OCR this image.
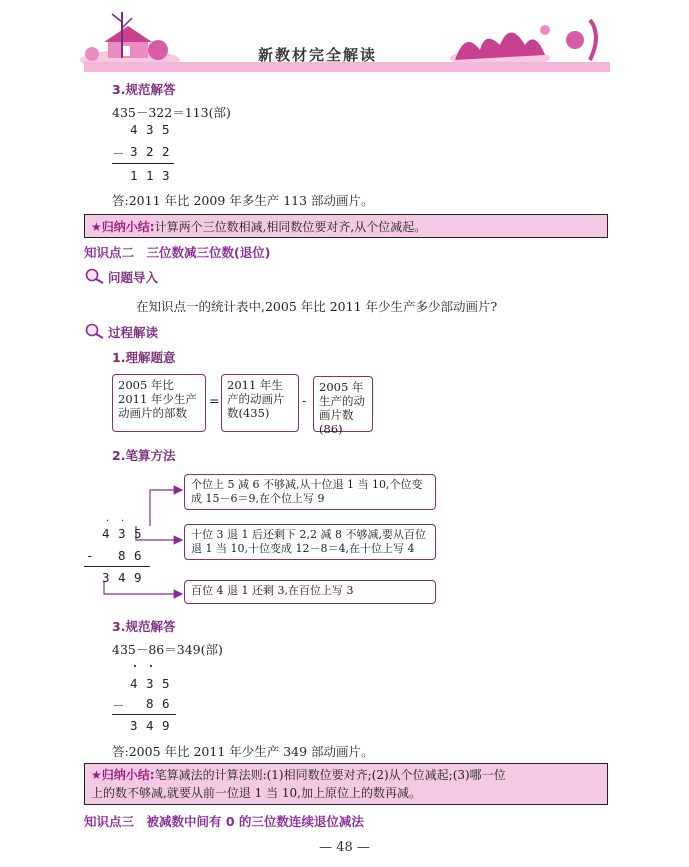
新教材完全解读
3.规范解答
435－322＝113(部)
4 3 5
－ 3 2 2
1 1 3
答:2011 年比 2009 年多生产 113 部动画片。
★归纳小结:计算两个三位数相减,相同数位要对齐,从个位减起。
知识点二　三位数减三位数(退位)
问题导入
在知识点一的统计表中,2005 年比 2011 年少生产多少部动画片?
过程解读
1.理解题意
2005 年比 2011 年少生产动画片的部数
=
2011 年生产的动画片数(435)
-
2005 年生产的动画片数(86)
2.笔算方法
·
·
4 3 5
- 8 6
3 4 9
个位上 5 减 6 不够减,从十位退 1 当 10,个位变成 15－6＝9,在个位上写 9
十位 3 退 1 后还剩下 2,2 减 8 不够减,要从百位退 1 当 10,十位变成 12－8＝4,在十位上写 4
百位 4 退 1 还剩 3,在百位上写 3
3.规范解答
435－86＝349(部)
·
·
4 3 5
－ 8 6
3 4 9
答:2005 年比 2011 年少生产 349 部动画片。
★归纳小结:笔算减法的计算法则:(1)相同数位要对齐;(2)从个位减起;(3)哪一位
上的数不够减,就要从前一位退 1 当 10,加上原位上的数再减。
知识点三　被减数中间有 0 的三位数连续退位减法
— 48 —
